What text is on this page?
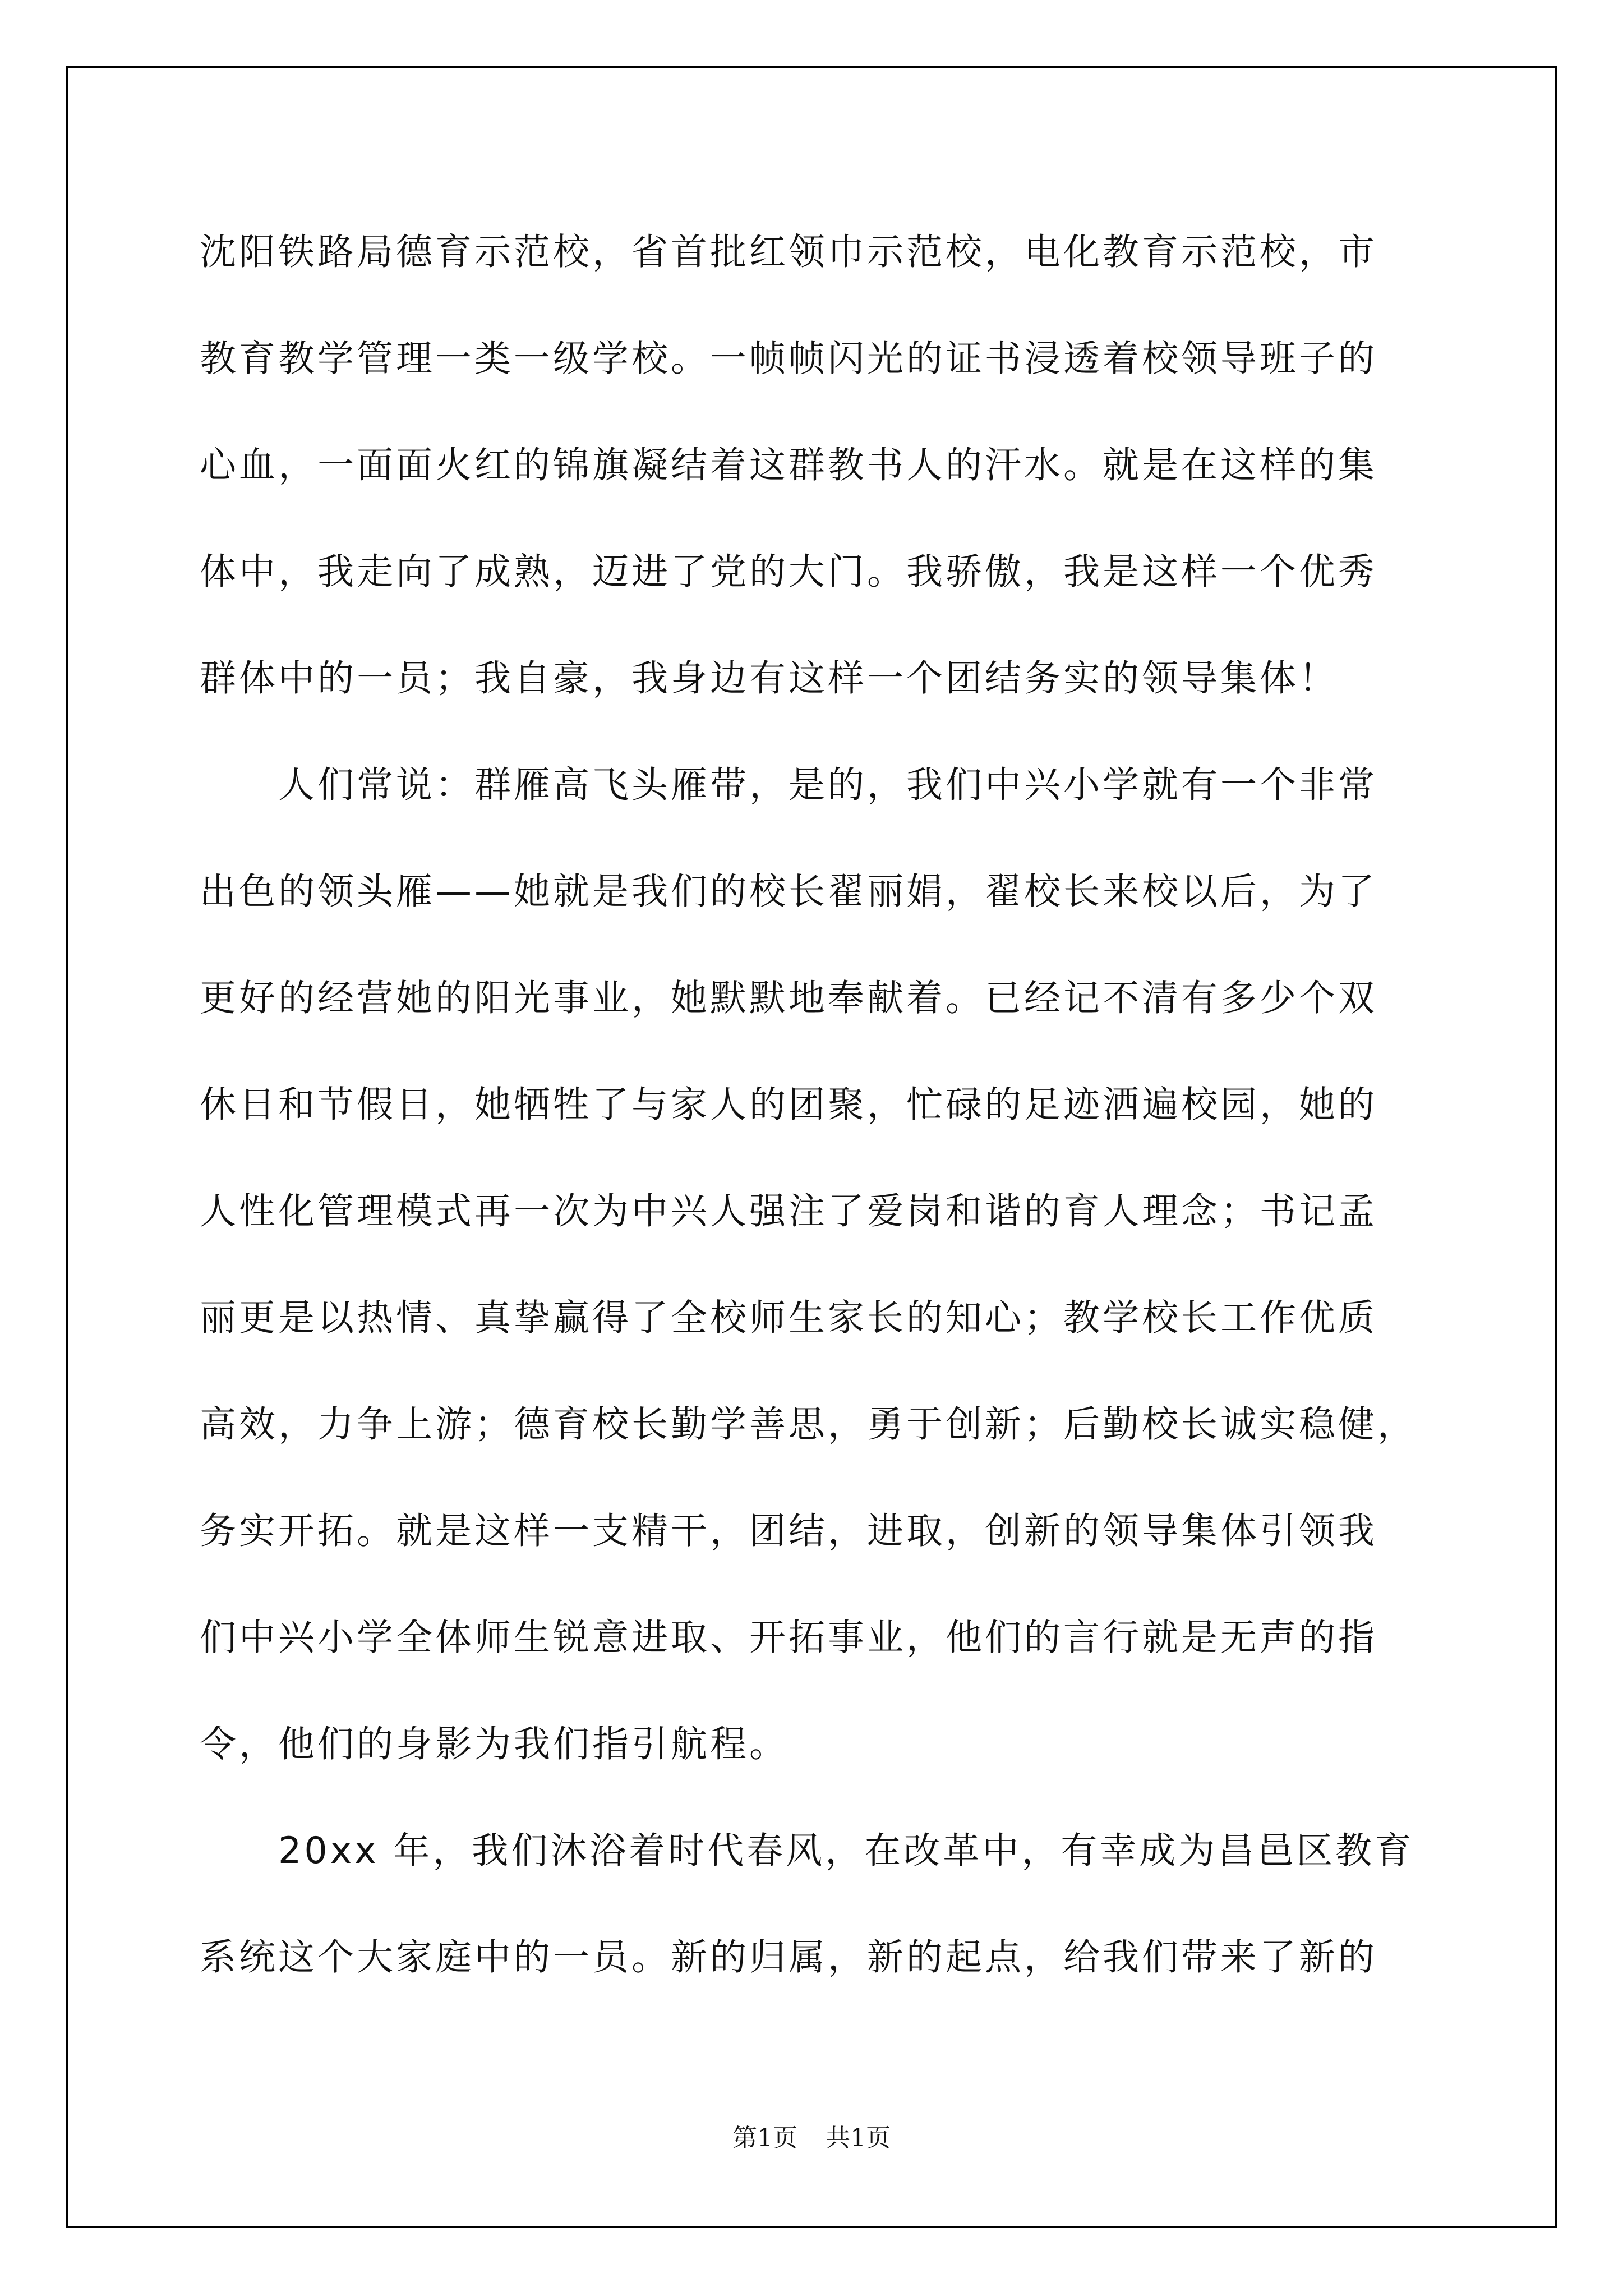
沈阳铁路局德育示范校，省首批红领巾示范校，电化教育示范校，市
教育教学管理一类一级学校。一帧帧闪光的证书浸透着校领导班子的
心血，一面面火红的锦旗凝结着这群教书人的汗水。就是在这样的集
体中，我走向了成熟，迈进了党的大门。我骄傲，我是这样一个优秀
群体中的一员；我自豪，我身边有这样一个团结务实的领导集体！
人们常说：群雁高飞头雁带，是的，我们中兴小学就有一个非常
出色的领头雁——她就是我们的校长翟丽娟，翟校长来校以后，为了
更好的经营她的阳光事业，她默默地奉献着。已经记不清有多少个双
休日和节假日，她牺牲了与家人的团聚，忙碌的足迹洒遍校园，她的
人性化管理模式再一次为中兴人强注了爱岗和谐的育人理念；书记孟
丽更是以热情、真挚赢得了全校师生家长的知心；教学校长工作优质
高效，力争上游；德育校长勤学善思，勇于创新；后勤校长诚实稳健，
务实开拓。就是这样一支精干，团结，进取，创新的领导集体引领我
们中兴小学全体师生锐意进取、开拓事业，他们的言行就是无声的指
令，他们的身影为我们指引航程。
20xx 年，我们沐浴着时代春风，在改革中，有幸成为昌邑区教育
系统这个大家庭中的一员。新的归属，新的起点，给我们带来了新的
第1页 共1页
